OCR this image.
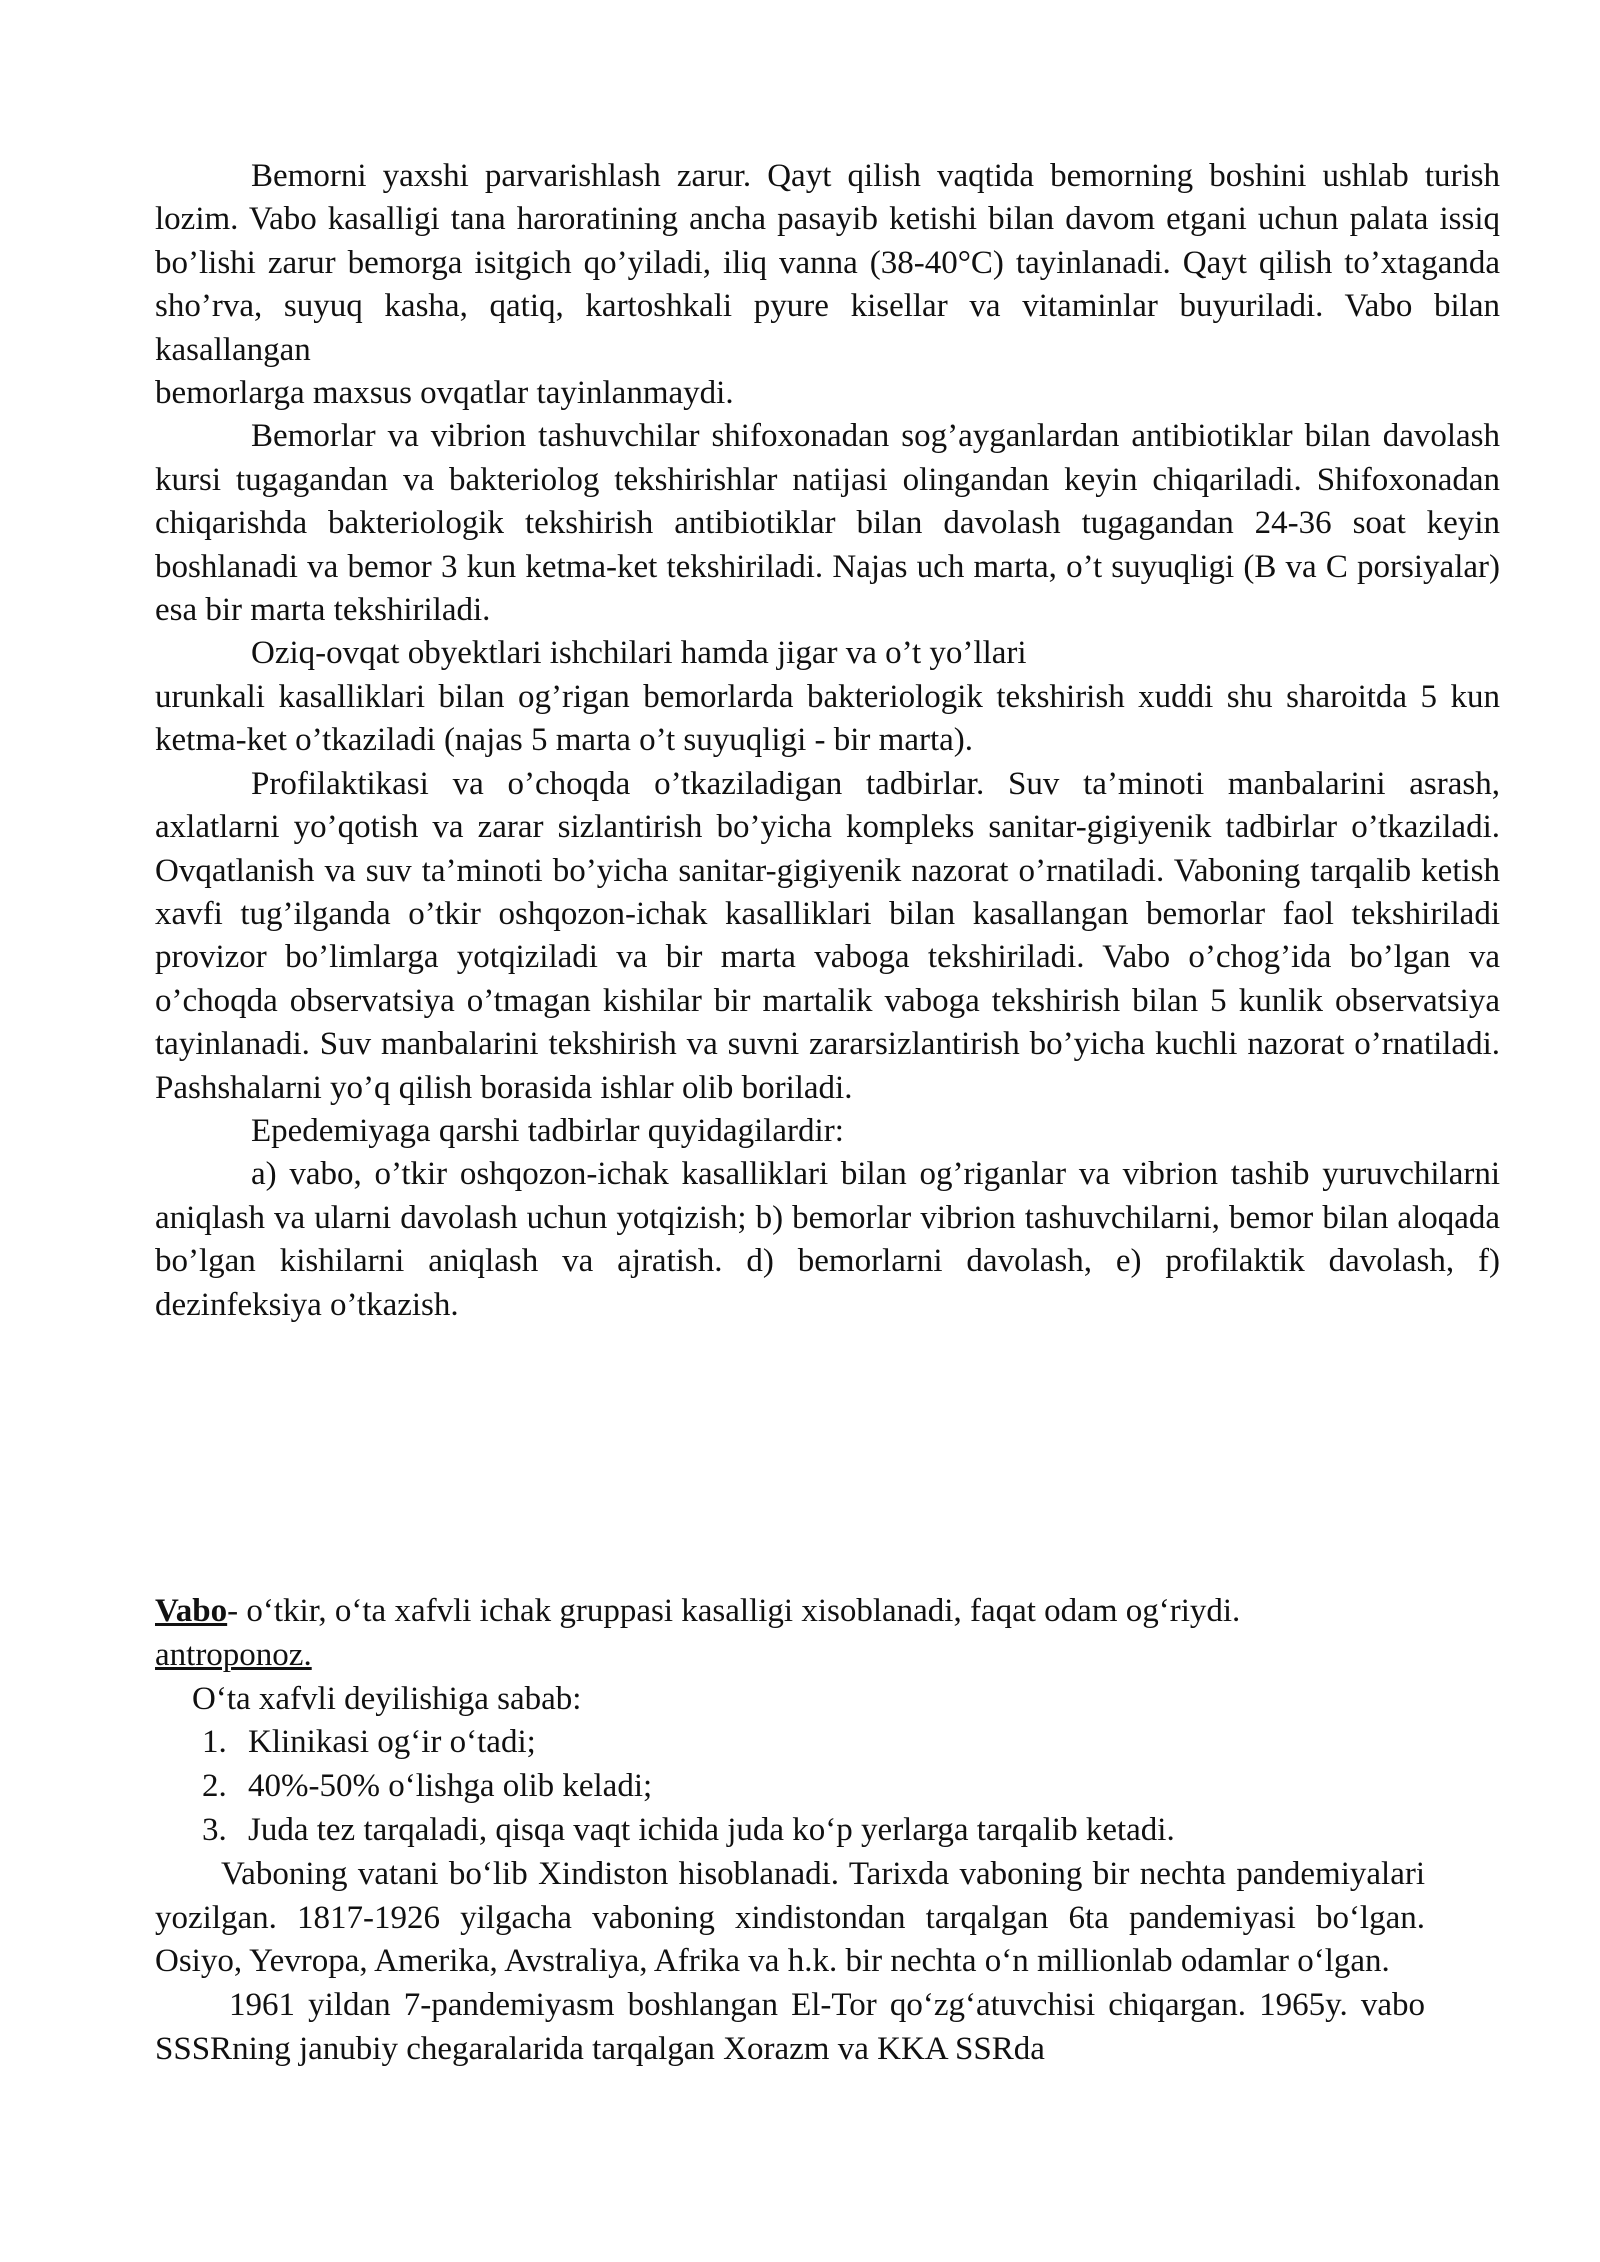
Bemorni yaxshi parvarishlash zarur. Qayt qilish vaqtida bemorning boshini ushlab turish lozim. Vabo kasalligi tana haroratining ancha pasayib ketishi bilan davom etgani uchun palata issiq bo’lishi zarur bemorga isitgich qo’yiladi, iliq vanna (38-40°C) tayinlanadi. Qayt qilish to’xtaganda sho’rva, suyuq kasha, qatiq, kartoshkali pyure kisellar va vitaminlar buyuriladi. Vabo bilan kasallangan

bemorlarga maxsus ovqatlar tayinlanmaydi.

Bemorlar va vibrion tashuvchilar shifoxonadan sog’ayganlardan antibiotiklar bilan davolash kursi tugagandan va bakteriolog tekshirishlar natijasi olingandan keyin chiqariladi. Shifoxonadan chiqarishda bakteriologik tekshirish antibiotiklar bilan davolash tugagandan 24-36 soat keyin boshlanadi va bemor 3 kun ketma-ket tekshiriladi. Najas uch marta, o’t suyuqligi (B va C porsiyalar) esa bir marta tekshiriladi.

Oziq-ovqat obyektlari ishchilari hamda jigar va o’t yo’llari

urunkali kasalliklari bilan og’rigan bemorlarda bakteriologik tekshirish xuddi shu sharoitda 5 kun ketma-ket o’tkaziladi (najas 5 marta o’t suyuqligi - bir marta).

Profilaktikasi va o’choqda o’tkaziladigan tadbirlar. Suv ta’minoti manbalarini asrash, axlatlarni yo’qotish va zarar sizlantirish bo’yicha kompleks sanitar-gigiyenik tadbirlar o’tkaziladi. Ovqatlanish va suv ta’minoti bo’yicha sanitar-gigiyenik nazorat o’rnatiladi. Vaboning tarqalib ketish xavfi tug’ilganda o’tkir oshqozon-ichak kasalliklari bilan kasallangan bemorlar faol tekshiriladi provizor bo’limlarga yotqiziladi va bir marta vaboga tekshiriladi. Vabo o’chog’ida bo’lgan va o’choqda observatsiya o’tmagan kishilar bir martalik vaboga tekshirish bilan 5 kunlik observatsiya tayinlanadi. Suv manbalarini tekshirish va suvni zararsizlantirish bo’yicha kuchli nazorat o’rnatiladi. Pashshalarni yo’q qilish borasida ishlar olib boriladi.

Epedemiyaga qarshi tadbirlar quyidagilardir:

a) vabo, o’tkir oshqozon-ichak kasalliklari bilan og’riganlar va vibrion tashib yuruvchilarni aniqlash va ularni davolash uchun yotqizish; b) bemorlar vibrion tashuvchilarni, bemor bilan aloqada bo’lgan kishilarni aniqlash va ajratish. d) bemorlarni davolash, e) profilaktik davolash, f) dezinfeksiya o’tkazish.

Vabo- o‘tkir, o‘ta xafvli ichak gruppasi kasalligi xisoblanadi, faqat odam og‘riydi.

antroponoz.

O‘ta xafvli deyilishiga sabab:

1. Klinikasi og‘ir o‘tadi;
2. 40%-50% o‘lishga olib keladi;
3. Juda tez tarqaladi, qisqa vaqt ichida juda ko‘p yerlarga tarqalib ketadi.

Vaboning vatani bo‘lib Xindiston hisoblanadi. Tarixda vaboning bir nechta pandemiyalari yozilgan. 1817-1926 yilgacha vaboning xindistondan tarqalgan 6ta pandemiyasi bo‘lgan. Osiyo, Yevropa, Amerika, Avstraliya, Afrika va h.k. bir nechta o‘n millionlab odamlar o‘lgan.

1961 yildan 7-pandemiyasm boshlangan El-Tor qo‘zg‘atuvchisi chiqargan. 1965y. vabo SSSRning janubiy chegaralarida tarqalgan Xorazm va KKA SSRda
